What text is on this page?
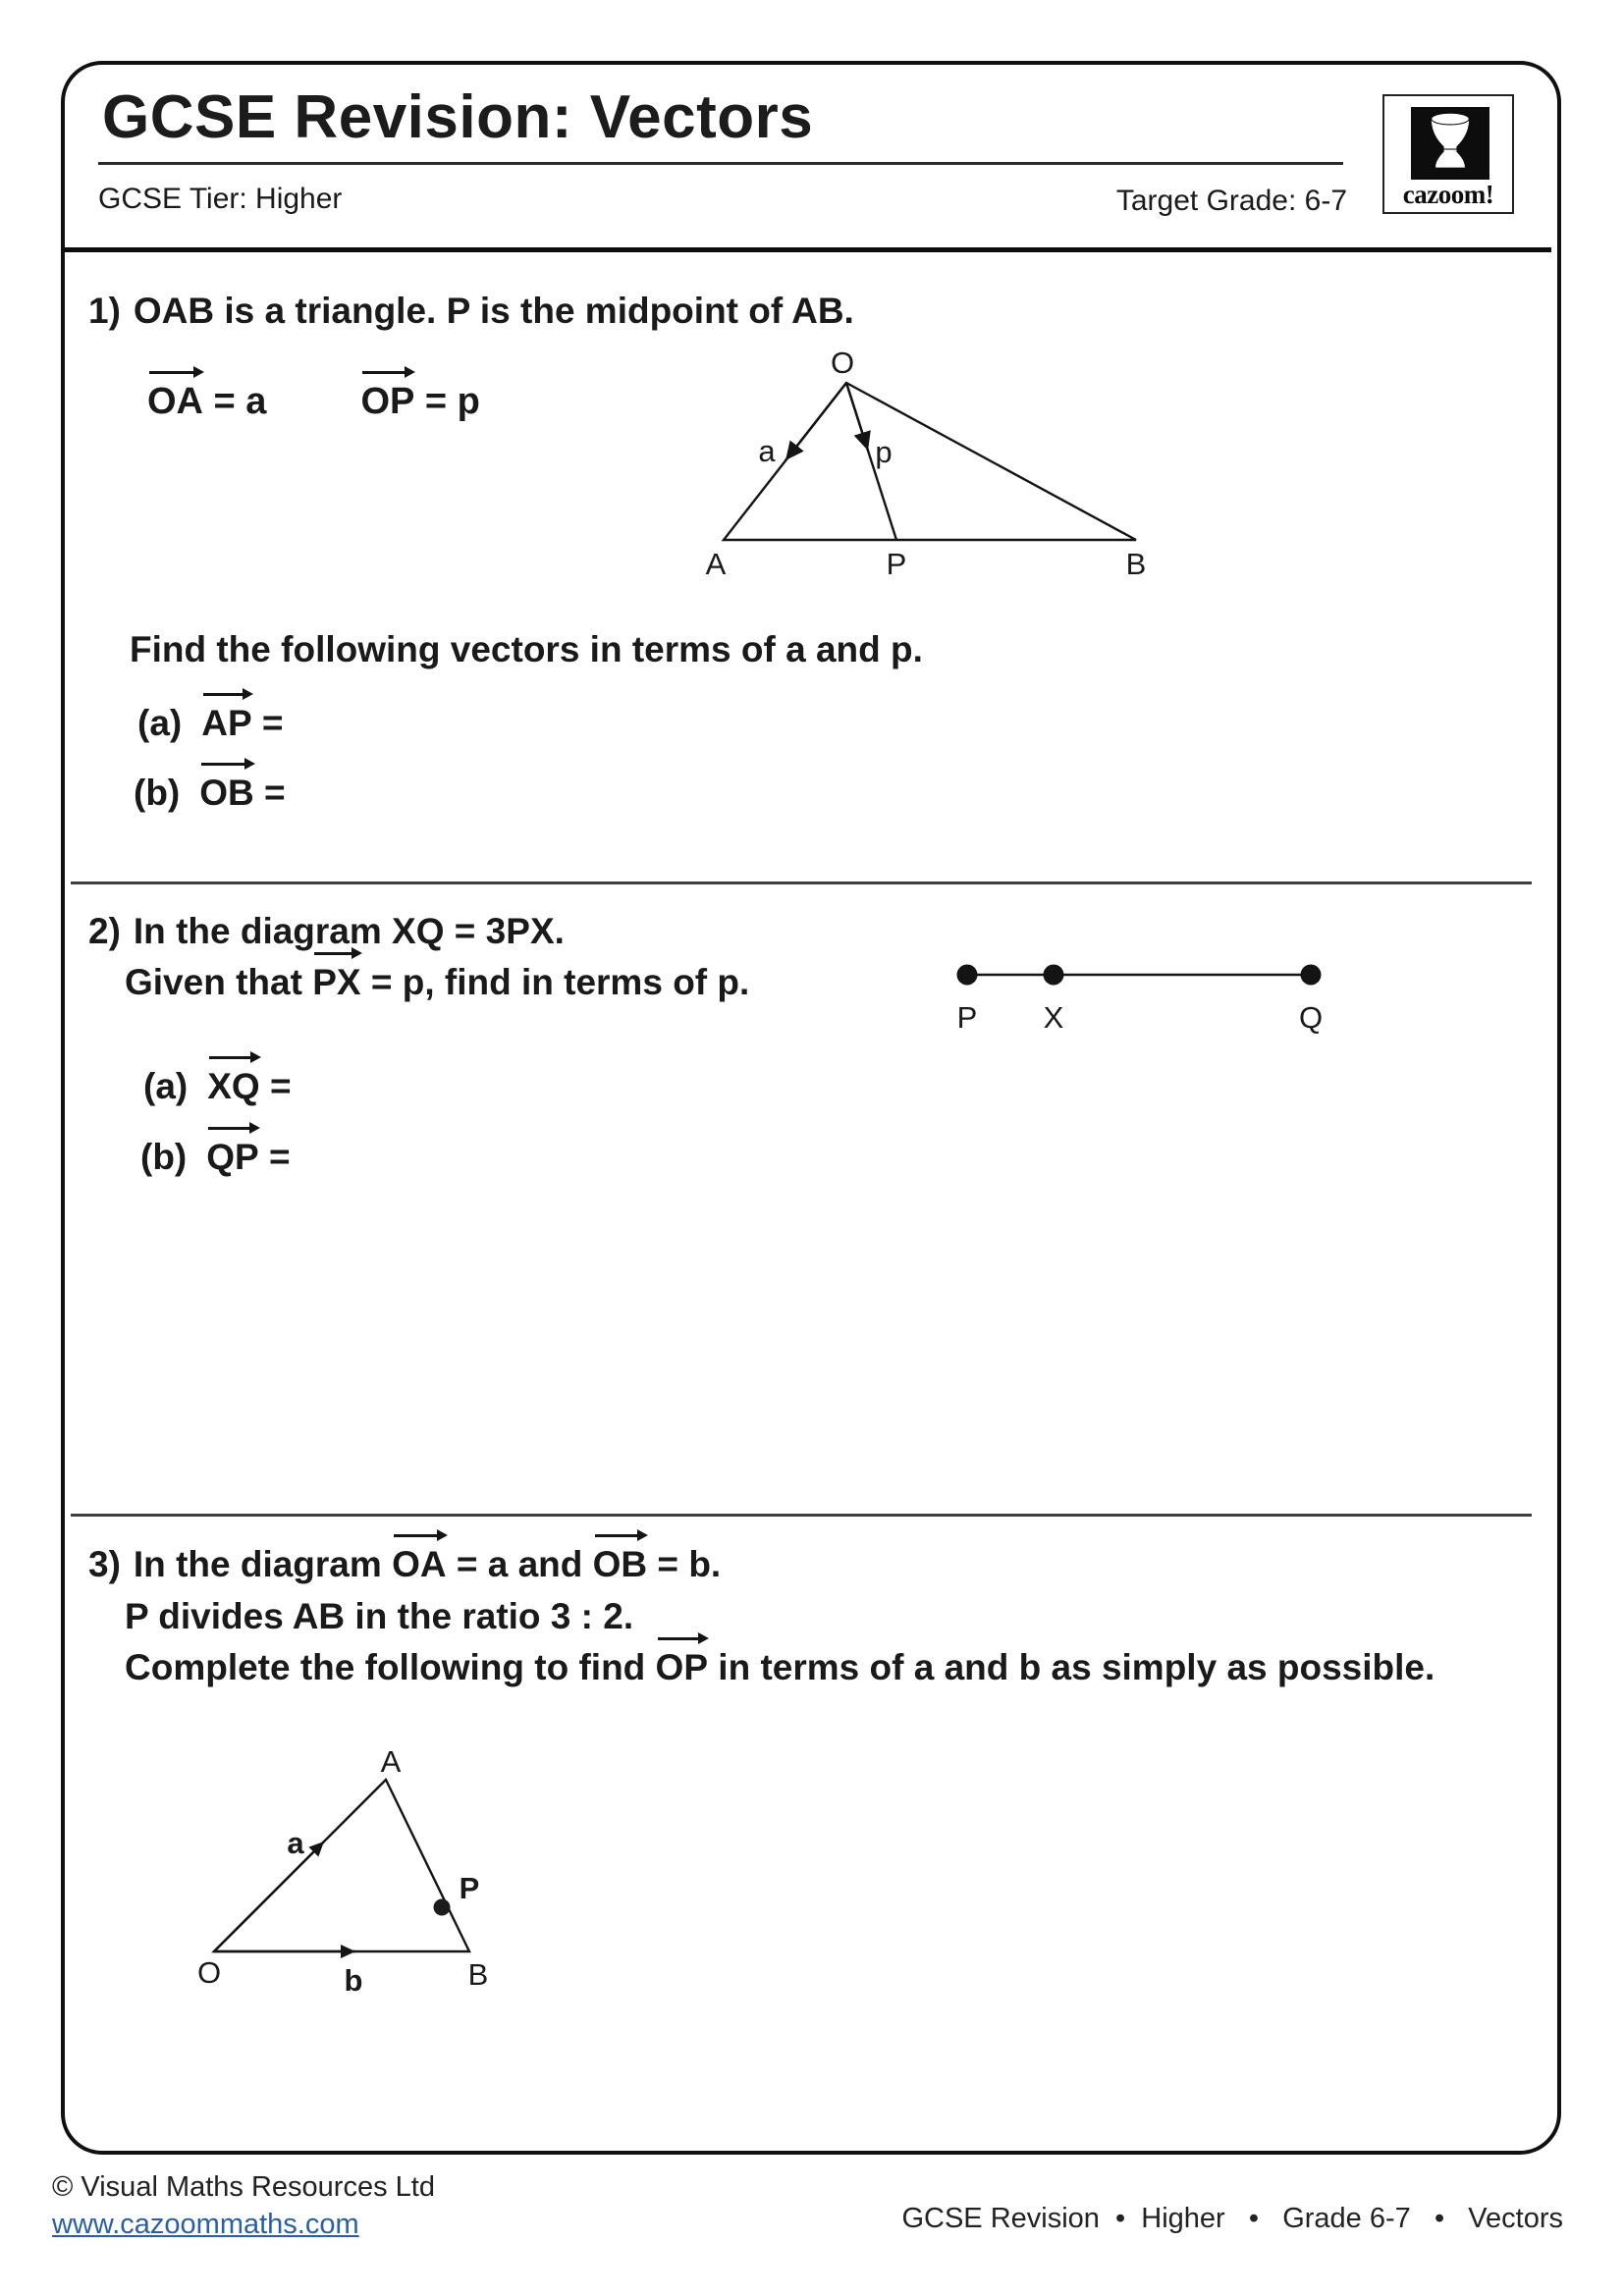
GCSE Revision: Vectors
GCSE Tier: Higher	Target Grade: 6-7	cazoom!
1) OAB is a triangle. P is the midpoint of AB.
OA = a	OP = p
O
A	P	B
a	p
Find the following vectors in terms of a and p.
(a) AP =
(b) OB =
2) In the diagram XQ = 3PX.
Given that PX = p, find in terms of p.
P X	Q
(a) XQ =
(b) QP =
3) In the diagram OA = a and OB = b.
P divides AB in the ratio 3 : 2.
Complete the following to find OP in terms of a and b as simply as possible.
A
O	B
P
a
b
© Visual Maths Resources Ltd
www.cazoommaths.com	GCSE Revision  •  Higher   •   Grade 6-7   •   Vectors
